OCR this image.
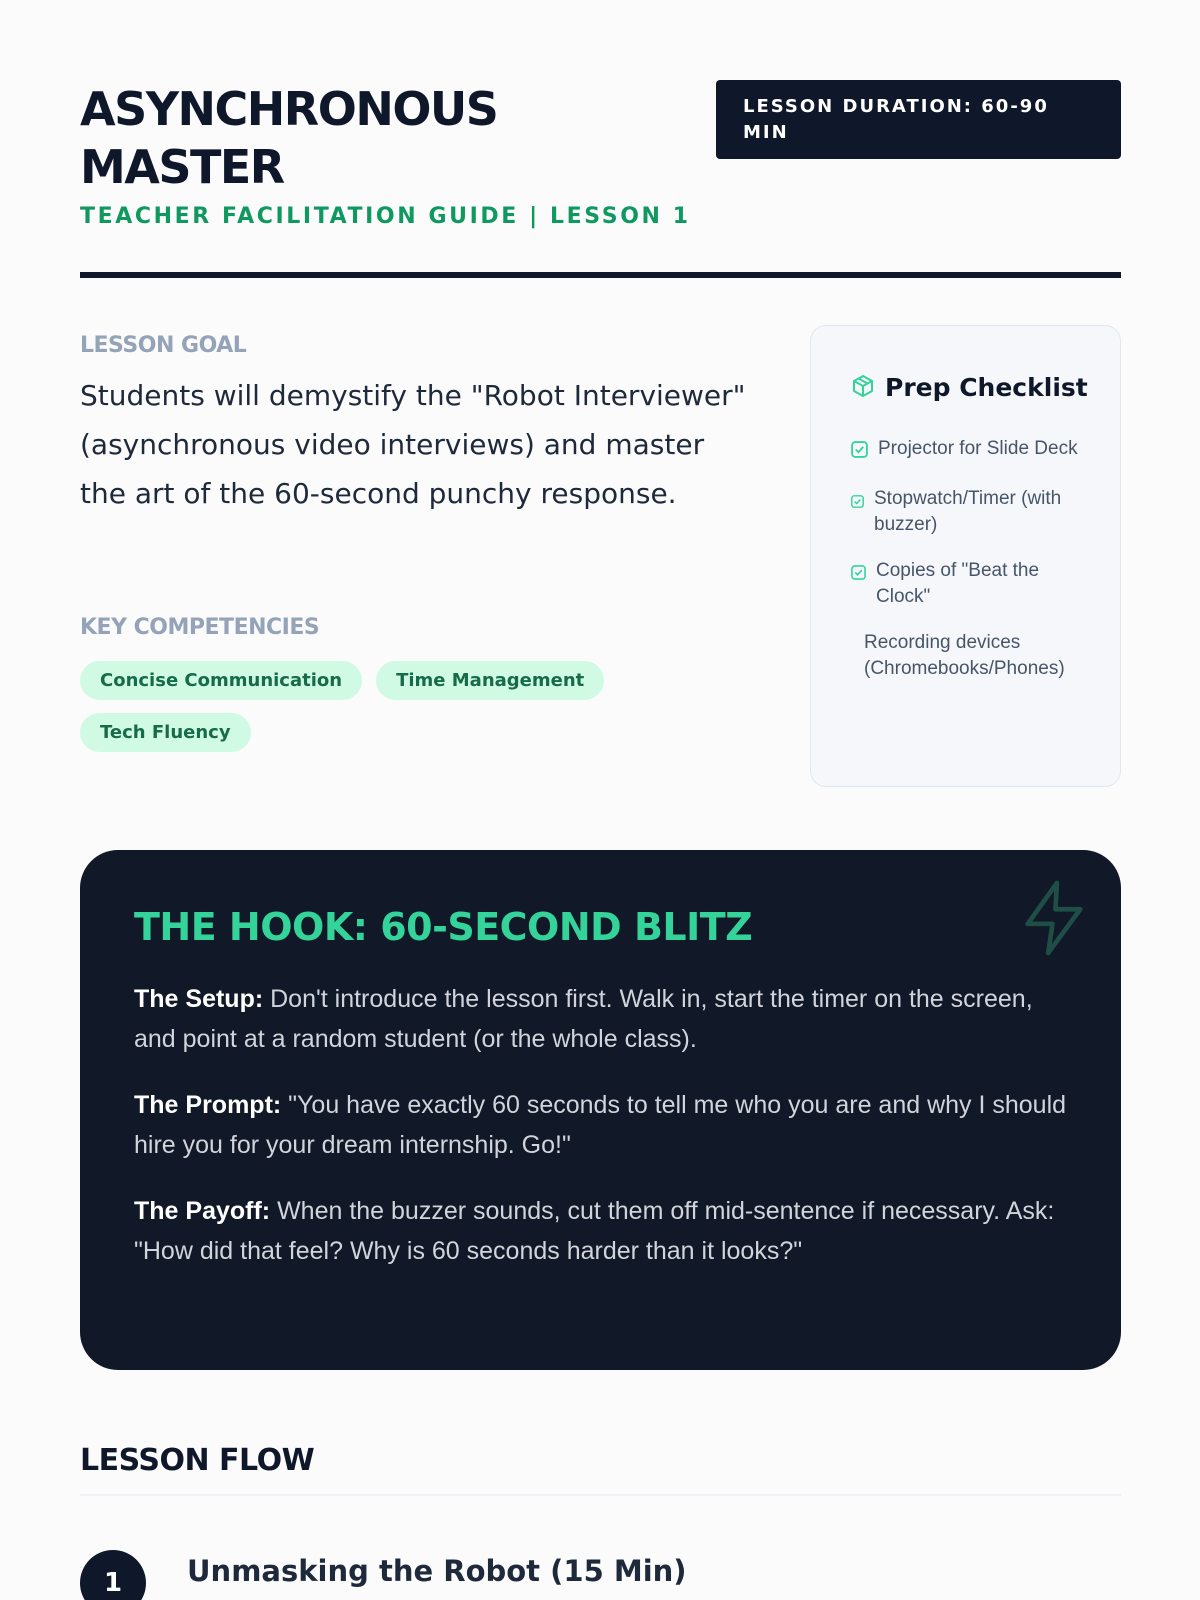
ASYNCHRONOUS MASTER
TEACHER FACILITATION GUIDE | LESSON 1
LESSON DURATION: 60-90 MIN
LESSON GOAL

Students will demystify the "Robot Interviewer" (asynchronous video interviews) and master the art of the 60-second punchy response.

KEY COMPETENCIES
Concise Communication	Time Management
Tech Fluency
Prep Checklist
Projector for Slide Deck
Stopwatch/Timer (with buzzer)
Copies of "Beat the Clock"
Recording devices (Chromebooks/Phones)
THE HOOK: 60-SECOND BLITZ

The Setup: Don't introduce the lesson first. Walk in, start the timer on the screen, and point at a random student (or the whole class).

The Prompt: "You have exactly 60 seconds to tell me who you are and why I should hire you for your dream internship. Go!"

The Payoff: When the buzzer sounds, cut them off mid-sentence if necessary. Ask: "How did that feel? Why is 60 seconds harder than it looks?"

LESSON FLOW
1	Unmasking the Robot (15 Min)
